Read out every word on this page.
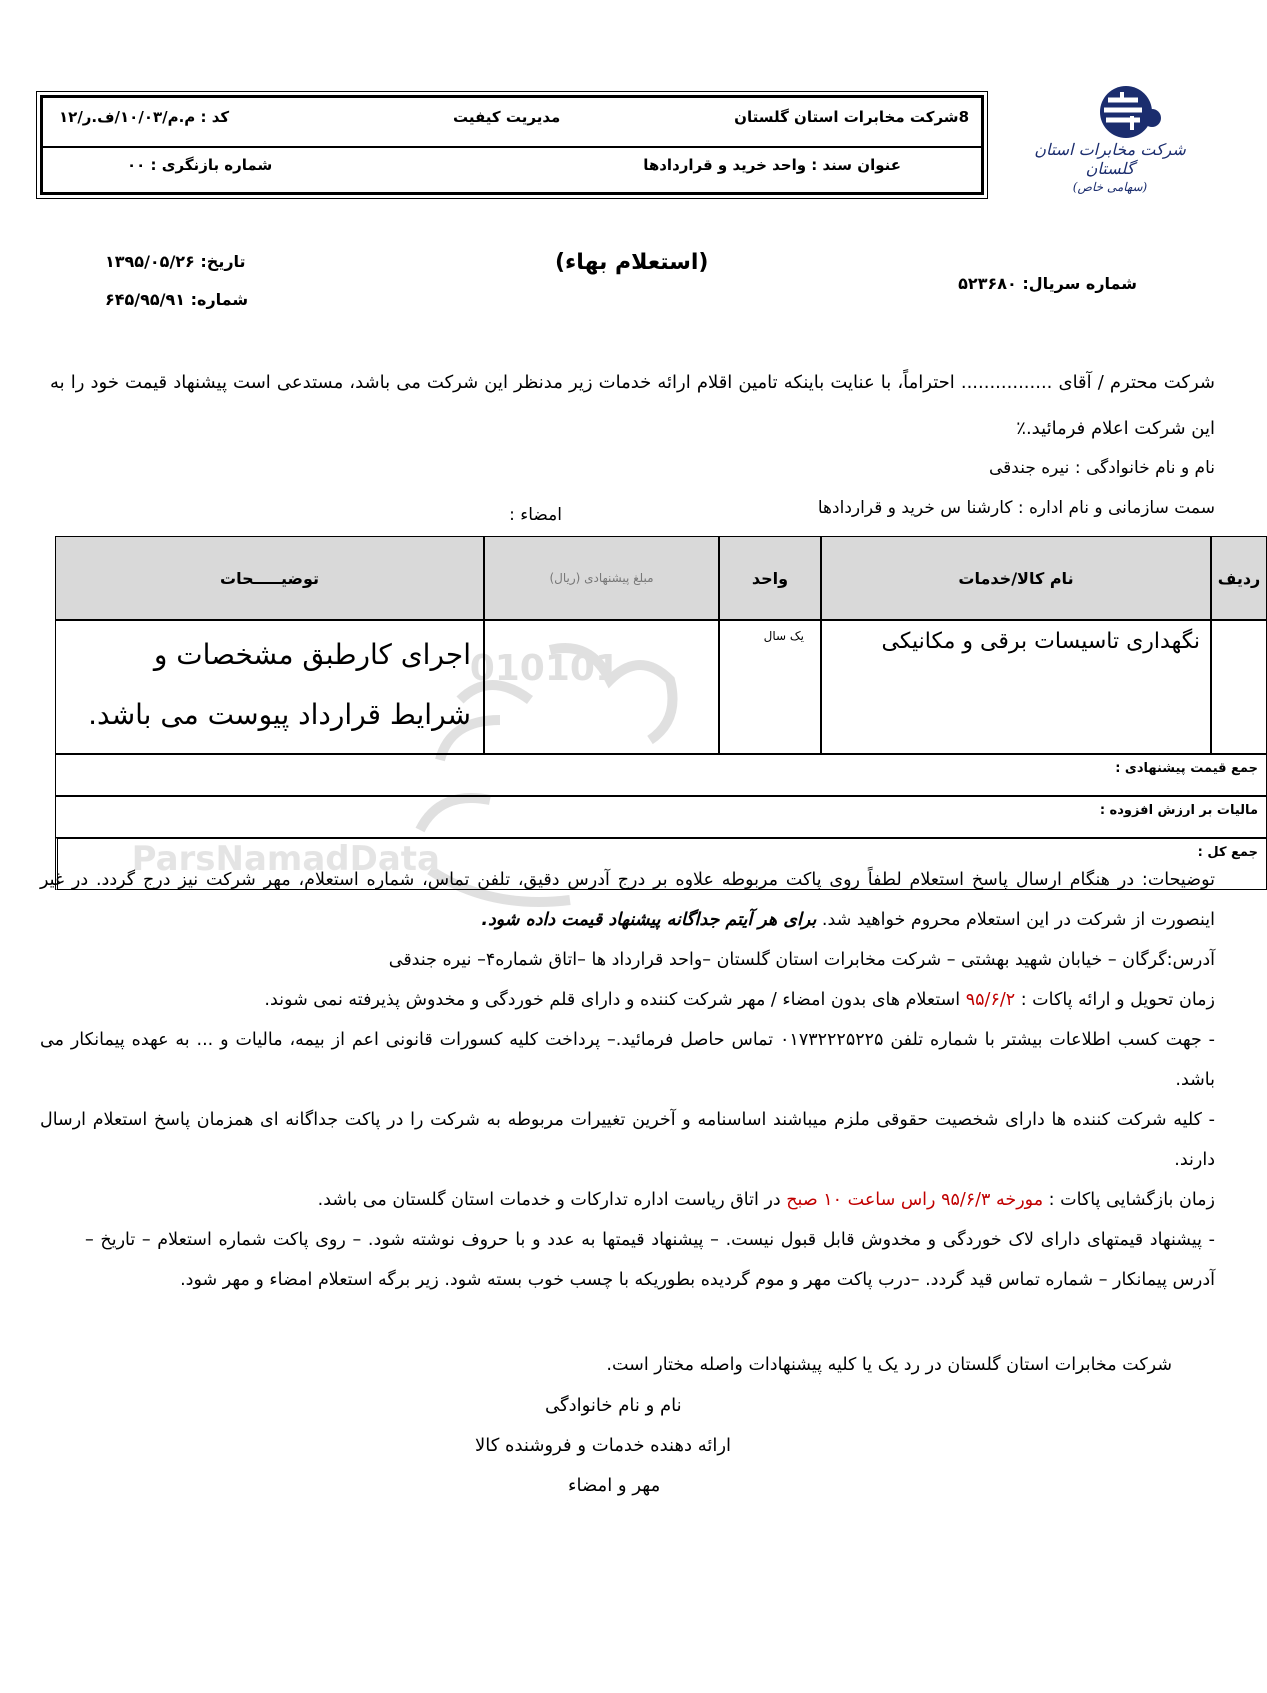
8شرکت مخابرات استان گلستان
مدیریت کیفیت
کد : م.م/۱۰/۰۳/ف.ر/۱۲
عنوان سند : واحد خرید و قراردادها
شماره بازنگری : ۰۰
شرکت مخابرات استان گلستان
(سهامی خاص)
(استعلام بهاء)
شماره سریال: ۵۲۳۶۸۰
تاریخ: ۱۳۹۵/۰۵/۲۶
شماره: ۶۴۵/۹۵/۹۱
شرکت محترم / آقای ................ احتراماً، با عنایت باینکه تامین اقلام ارائه خدمات زیر مدنظر این شرکت می باشد، مستدعی است پیشنهاد قیمت خود را به این شرکت اعلام فرمائید.٪
نام و نام خانوادگی : نیره جندقی
سمت سازمانی و نام اداره : کارشنا س خرید و قراردادها
امضاء :
010101
ParsNamadData
ردیف
نام کالا/خدمات
واحد
مبلغ پیشنهادی (ریال)
توضیـــــحات
نگهداری تاسیسات برقی و مکانیکی
یک سال
اجرای کارطبق مشخصات و شرایط قرارداد پیوست می باشد.
جمع قیمت پیشنهادی :
مالیات بر ارزش افزوده :
جمع کل :
توضیحات: در هنگام ارسال پاسخ استعلام لطفاً روی پاکت مربوطه علاوه بر درج آدرس دقیق، تلفن تماس، شماره استعلام، مهر شرکت نیز درج گردد. در غیر اینصورت از شرکت در این استعلام محروم خواهید شد. برای هر آیتم جداگانه پیشنهاد قیمت داده شود.
آدرس:گرگان – خیابان شهید بهشتی – شرکت مخابرات استان گلستان –واحد قرارداد ها –اتاق شماره۴– نیره جندقی
زمان تحویل و ارائه پاکات : ۹۵/۶/۲ استعلام های بدون امضاء / مهر شرکت کننده و دارای قلم خوردگی و مخدوش پذیرفته نمی شوند.
- جهت کسب اطلاعات بیشتر با شماره تلفن ۰۱۷۳۲۲۲۵۲۲۵ تماس حاصل فرمائید.– پرداخت کلیه کسورات قانونی اعم از بیمه، مالیات و ... به عهده پیمانکار می باشد.
- کلیه شرکت کننده ها دارای شخصیت حقوقی ملزم میباشند اساسنامه و آخرین تغییرات مربوطه به شرکت را در پاکت جداگانه ای همزمان پاسخ استعلام ارسال دارند.
زمان بازگشایی پاکات : مورخه ۹۵/۶/۳ راس ساعت ۱۰ صبح در اتاق ریاست اداره تدارکات و خدمات استان گلستان می باشد.
- پیشنهاد قیمتهای دارای لاک خوردگی و مخدوش قابل قبول نیست. – پیشنهاد قیمتها به عدد و با حروف نوشته شود. – روی پاکت شماره استعلام – تاریخ – آدرس پیمانکار – شماره تماس قید گردد. –درب پاکت مهر و موم گردیده بطوریکه با چسب خوب بسته شود. زیر برگه استعلام امضاء و مهر شود.
شرکت مخابرات استان گلستان در رد یک یا کلیه پیشنهادات واصله مختار است.
نام و نام خانوادگی
ارائه دهنده خدمات و فروشنده کالا
مهر و امضاء
